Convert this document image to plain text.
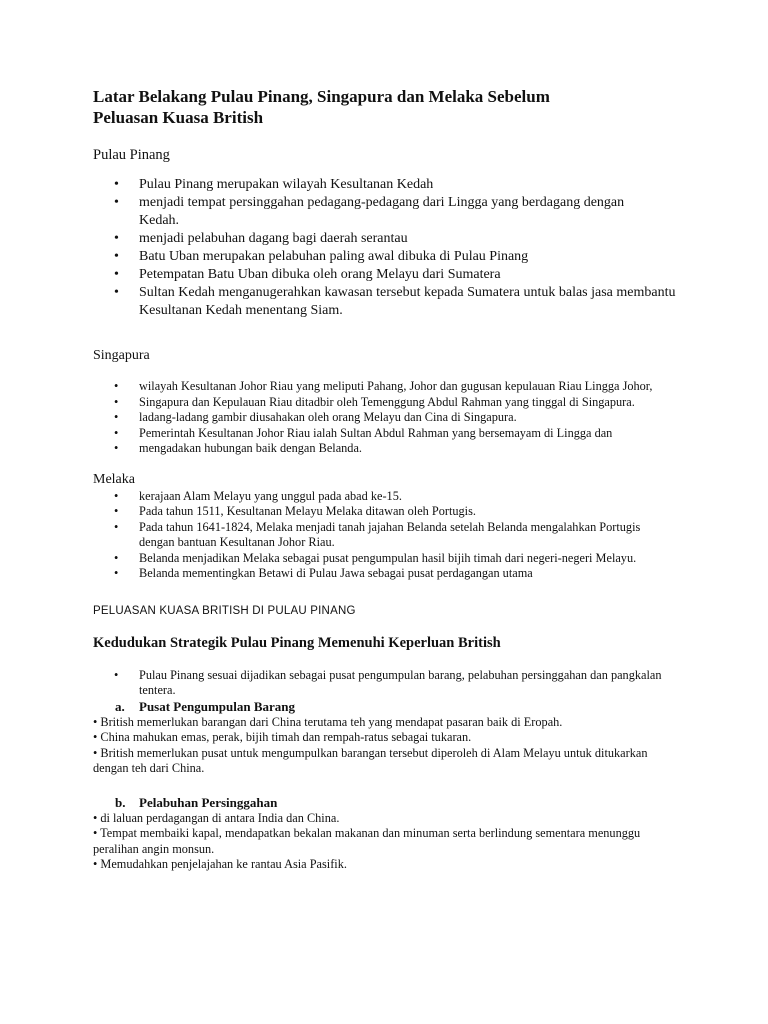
Latar Belakang Pulau Pinang, Singapura dan Melaka Sebelum
Peluasan Kuasa British

Pulau Pinang

• Pulau Pinang merupakan wilayah Kesultanan Kedah
• menjadi tempat persinggahan pedagang-pedagang dari Lingga yang berdagang dengan Kedah.
• menjadi pelabuhan dagang bagi daerah serantau
• Batu Uban merupakan pelabuhan paling awal dibuka di Pulau Pinang
• Petempatan Batu Uban dibuka oleh orang Melayu dari Sumatera
• Sultan Kedah menganugerahkan kawasan tersebut kepada Sumatera untuk balas jasa membantu Kesultanan Kedah menentang Siam.

Singapura

• wilayah Kesultanan Johor Riau yang meliputi Pahang, Johor dan gugusan kepulauan Riau Lingga Johor,
• Singapura dan Kepulauan Riau ditadbir oleh Temenggung Abdul Rahman yang tinggal di Singapura.
• ladang-ladang gambir diusahakan oleh orang Melayu dan Cina di Singapura.
• Pemerintah Kesultanan Johor Riau ialah Sultan Abdul Rahman yang bersemayam di Lingga dan
• mengadakan hubungan baik dengan Belanda.

Melaka

• kerajaan Alam Melayu yang unggul pada abad ke-15.
• Pada tahun 1511, Kesultanan Melayu Melaka ditawan oleh Portugis.
• Pada tahun 1641-1824, Melaka menjadi tanah jajahan Belanda setelah Belanda mengalahkan Portugis dengan bantuan Kesultanan Johor Riau.
• Belanda menjadikan Melaka sebagai pusat pengumpulan hasil bijih timah dari negeri-negeri Melayu.
• Belanda mementingkan Betawi di Pulau Jawa sebagai pusat perdagangan utama

PELUASAN KUASA BRITISH DI PULAU PINANG

Kedudukan Strategik Pulau Pinang Memenuhi Keperluan British

• Pulau Pinang sesuai dijadikan sebagai pusat pengumpulan barang, pelabuhan persinggahan dan pangkalan tentera.

a.	Pusat Pengumpulan Barang

• British memerlukan barangan dari China terutama teh yang mendapat pasaran baik di Eropah.

• China mahukan emas, perak, bijih timah dan rempah-ratus sebagai tukaran.

• British memerlukan pusat untuk mengumpulkan barangan tersebut diperoleh di Alam Melayu untuk ditukarkan dengan teh dari China.

b.	Pelabuhan Persinggahan

• di laluan perdagangan di antara India dan China.

• Tempat membaiki kapal, mendapatkan bekalan makanan dan minuman serta berlindung sementara menunggu peralihan angin monsun.

• Memudahkan penjelajahan ke rantau Asia Pasifik.
